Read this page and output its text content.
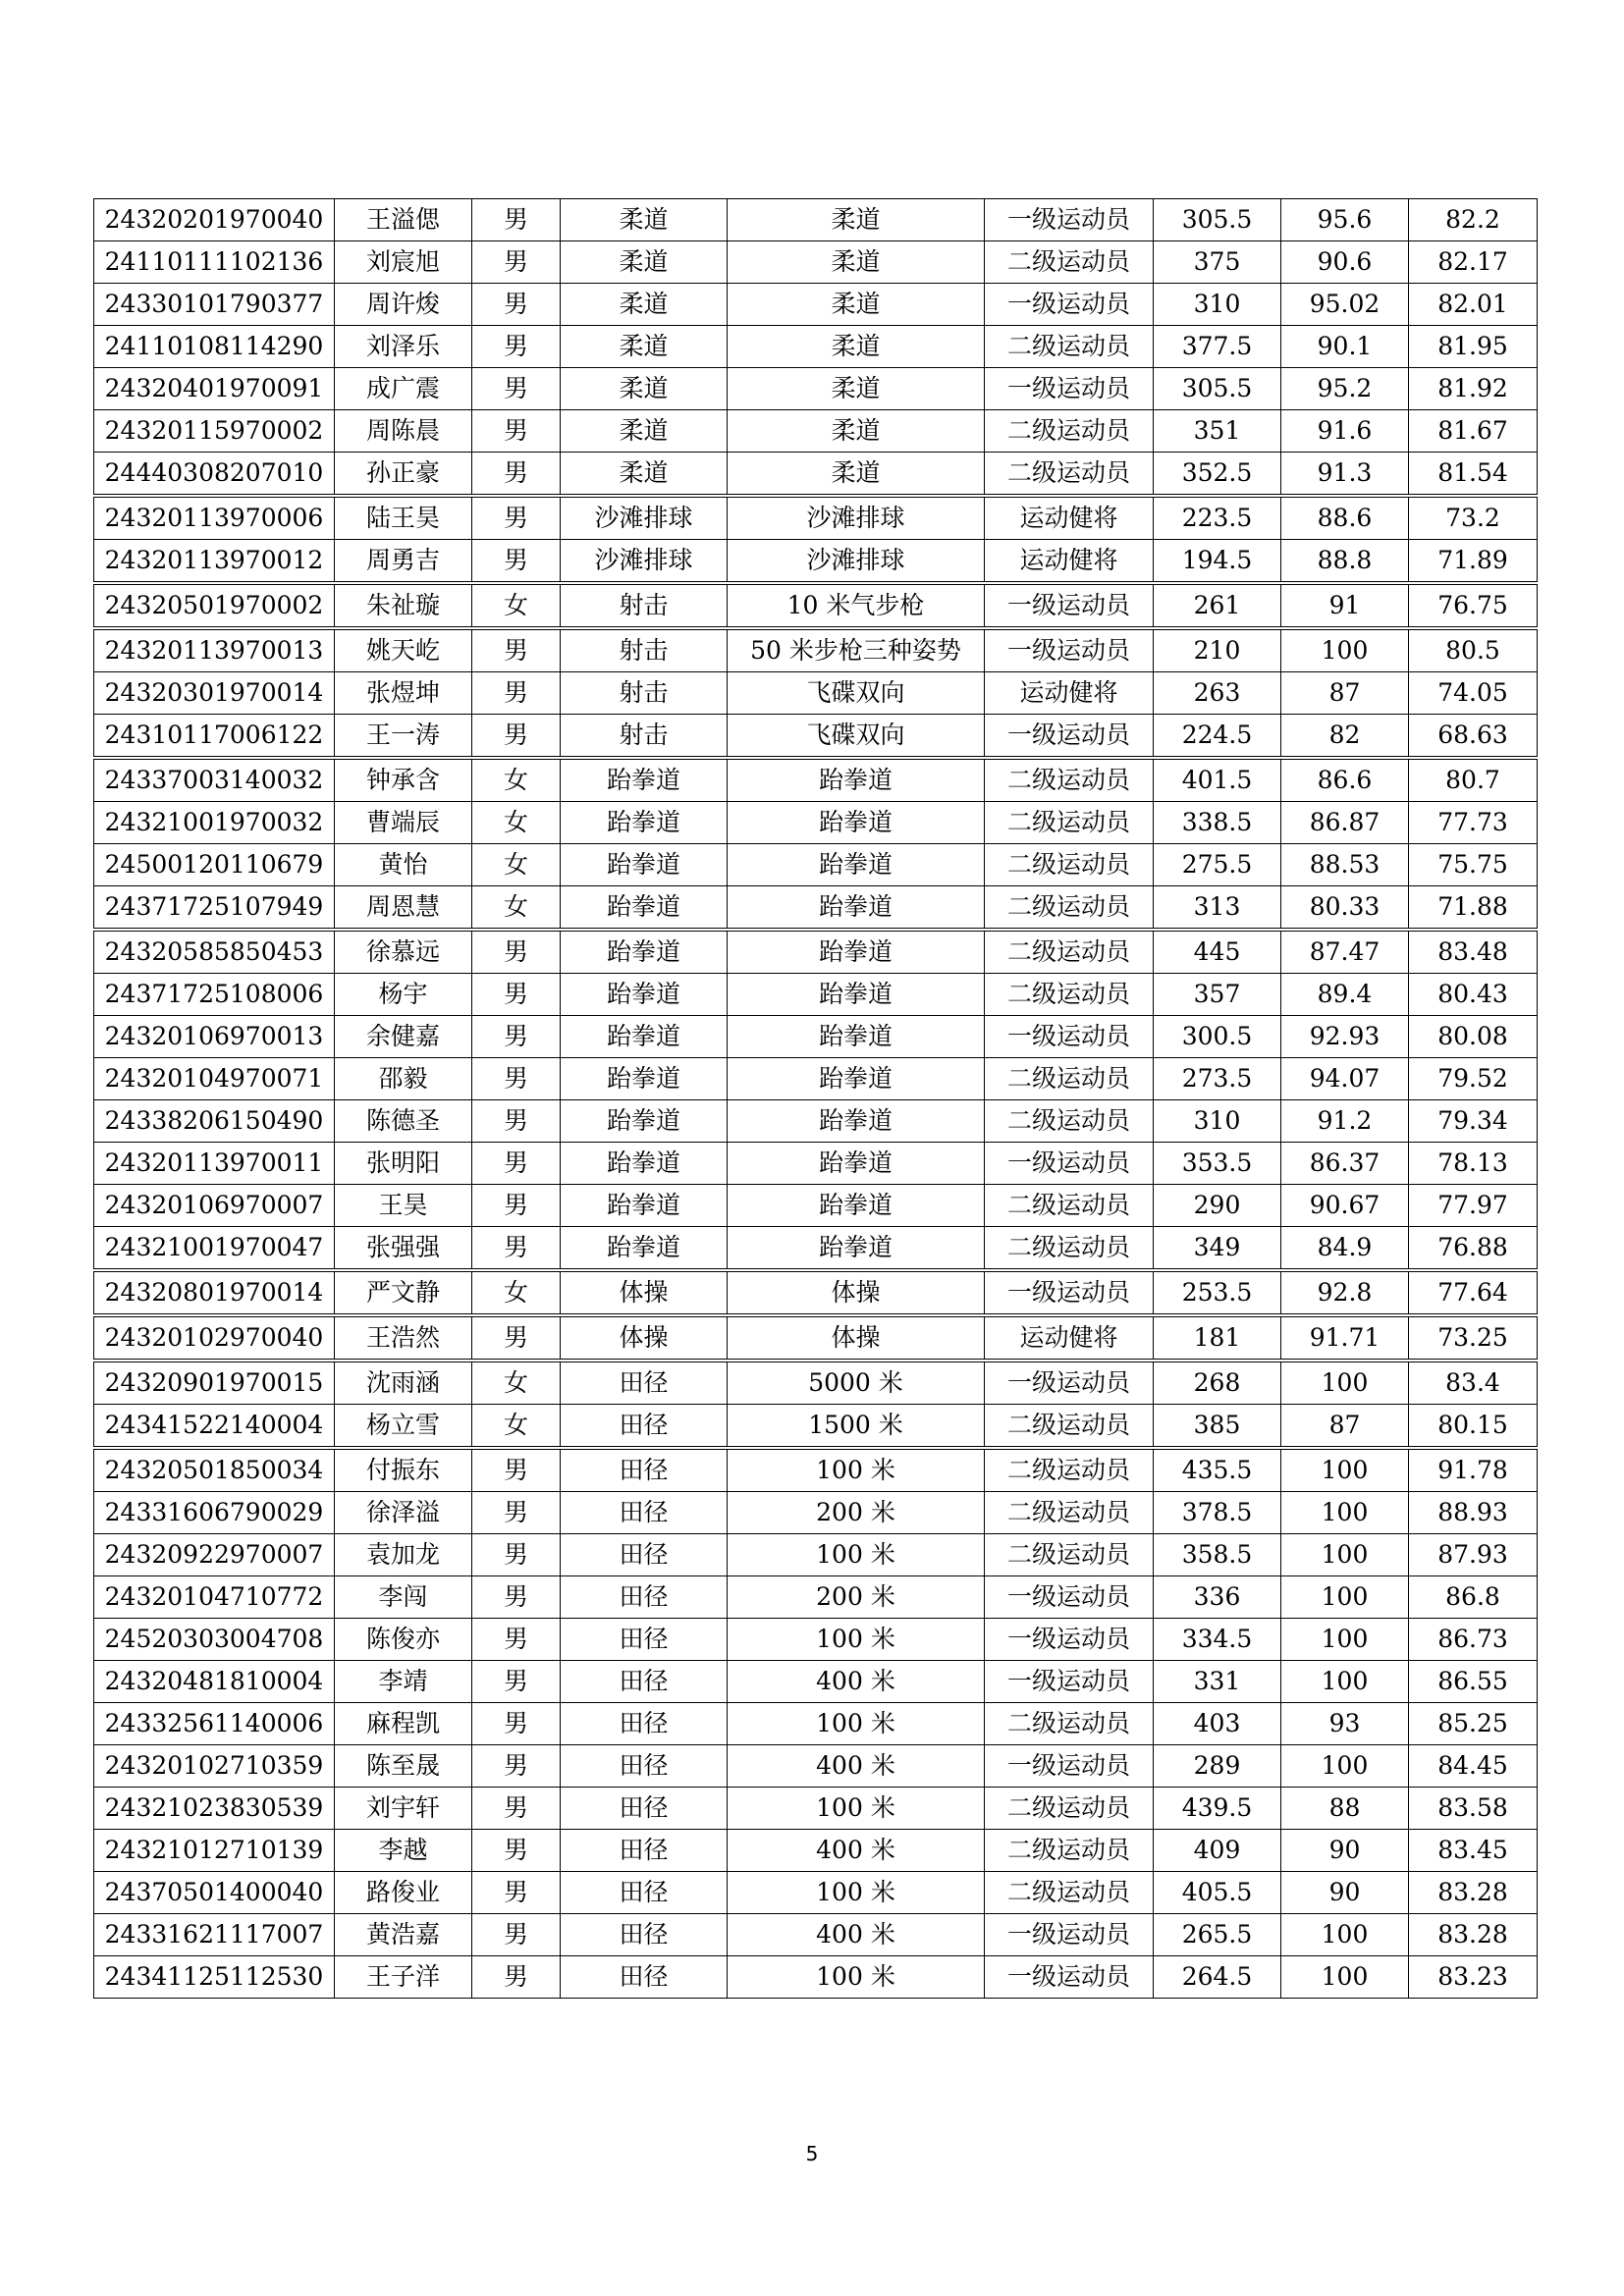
24320201970040	王溢偲	男	柔道	柔道	一级运动员	305.5	95.6	82.2
24110111102136	刘宸旭	男	柔道	柔道	二级运动员	375	90.6	82.17
24330101790377	周许焌	男	柔道	柔道	一级运动员	310	95.02	82.01
24110108114290	刘泽乐	男	柔道	柔道	二级运动员	377.5	90.1	81.95
24320401970091	成广震	男	柔道	柔道	一级运动员	305.5	95.2	81.92
24320115970002	周陈晨	男	柔道	柔道	二级运动员	351	91.6	81.67
24440308207010	孙正豪	男	柔道	柔道	二级运动员	352.5	91.3	81.54
24320113970006	陆王昊	男	沙滩排球	沙滩排球	运动健将	223.5	88.6	73.2
24320113970012	周勇吉	男	沙滩排球	沙滩排球	运动健将	194.5	88.8	71.89
24320501970002	朱祉璇	女	射击	10 米气步枪	一级运动员	261	91	76.75
24320113970013	姚天屹	男	射击	50 米步枪三种姿势	一级运动员	210	100	80.5
24320301970014	张煜坤	男	射击	飞碟双向	运动健将	263	87	74.05
24310117006122	王一涛	男	射击	飞碟双向	一级运动员	224.5	82	68.63
24337003140032	钟承含	女	跆拳道	跆拳道	二级运动员	401.5	86.6	80.7
24321001970032	曹端辰	女	跆拳道	跆拳道	二级运动员	338.5	86.87	77.73
24500120110679	黄怡	女	跆拳道	跆拳道	二级运动员	275.5	88.53	75.75
24371725107949	周恩慧	女	跆拳道	跆拳道	二级运动员	313	80.33	71.88
24320585850453	徐慕远	男	跆拳道	跆拳道	二级运动员	445	87.47	83.48
24371725108006	杨宇	男	跆拳道	跆拳道	二级运动员	357	89.4	80.43
24320106970013	余健嘉	男	跆拳道	跆拳道	一级运动员	300.5	92.93	80.08
24320104970071	邵毅	男	跆拳道	跆拳道	二级运动员	273.5	94.07	79.52
24338206150490	陈德圣	男	跆拳道	跆拳道	二级运动员	310	91.2	79.34
24320113970011	张明阳	男	跆拳道	跆拳道	一级运动员	353.5	86.37	78.13
24320106970007	王昊	男	跆拳道	跆拳道	二级运动员	290	90.67	77.97
24321001970047	张强强	男	跆拳道	跆拳道	二级运动员	349	84.9	76.88
24320801970014	严文静	女	体操	体操	一级运动员	253.5	92.8	77.64
24320102970040	王浩然	男	体操	体操	运动健将	181	91.71	73.25
24320901970015	沈雨涵	女	田径	5000 米	一级运动员	268	100	83.4
24341522140004	杨立雪	女	田径	1500 米	二级运动员	385	87	80.15
24320501850034	付振东	男	田径	100 米	二级运动员	435.5	100	91.78
24331606790029	徐泽溢	男	田径	200 米	二级运动员	378.5	100	88.93
24320922970007	袁加龙	男	田径	100 米	二级运动员	358.5	100	87.93
24320104710772	李闯	男	田径	200 米	一级运动员	336	100	86.8
24520303004708	陈俊亦	男	田径	100 米	一级运动员	334.5	100	86.73
24320481810004	李靖	男	田径	400 米	一级运动员	331	100	86.55
24332561140006	麻程凯	男	田径	100 米	二级运动员	403	93	85.25
24320102710359	陈至晟	男	田径	400 米	一级运动员	289	100	84.45
24321023830539	刘宇轩	男	田径	100 米	二级运动员	439.5	88	83.58
24321012710139	李越	男	田径	400 米	二级运动员	409	90	83.45
24370501400040	路俊业	男	田径	100 米	二级运动员	405.5	90	83.28
24331621117007	黄浩嘉	男	田径	400 米	一级运动员	265.5	100	83.28
24341125112530	王子洋	男	田径	100 米	一级运动员	264.5	100	83.23
5
